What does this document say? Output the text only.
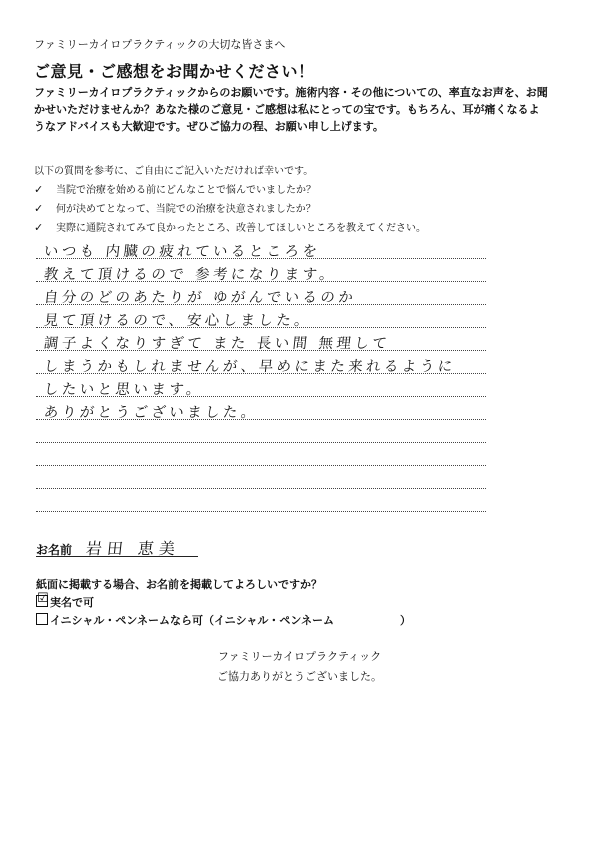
ファミリーカイロプラクティックの大切な皆さまへ
ご意見・ご感想をお聞かせください！
ファミリーカイロプラクティックからのお願いです。施術内容・その他についての、率直なお声を、お聞
かせいただけませんか？あなた様のご意見・ご感想は私にとっての宝です。もちろん、耳が痛くなるよ
うなアドバイスも大歓迎です。ぜひご協力の程、お願い申し上げます。
以下の質問を参考に、ご自由にご記入いただければ幸いです。
✓ 当院で治療を始める前にどんなことで悩んでいましたか？
✓ 何が決めてとなって、当院での治療を決意されましたか？
✓ 実際に通院されてみて良かったところ、改善してほしいところを教えてください。
いつも 内臓の疲れているところを
教えて頂けるので 参考になります。
自分のどのあたりが ゆがんでいるのか
見て頂けるので、安心しました。
調子よくなりすぎて また 長い間 無理して
しまうかもしれませんが、早めにまた来れるように
したいと思います。
ありがとうございました。
お名前 岩田 恵美
紙面に掲載する場合、お名前を掲載してよろしいですか？
☑ 実名で可
イニシャル・ペンネームなら可（イニシャル・ペンネーム　　　　　　）
ファミリーカイロプラクティック
ご協力ありがとうございました。
